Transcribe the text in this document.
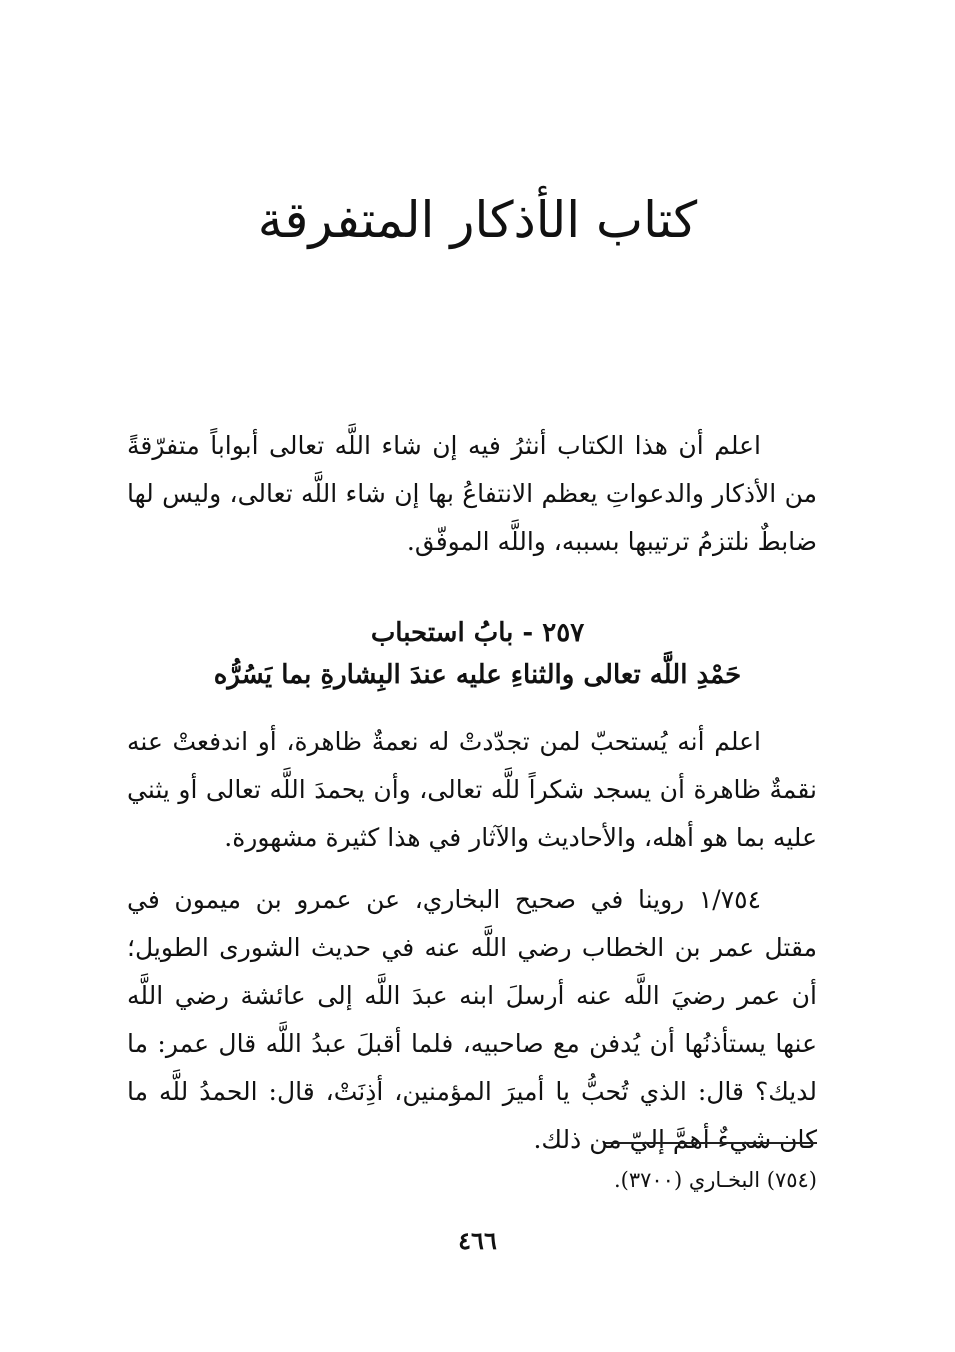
كتاب الأذكار المتفرقة
اعلم أن هذا الكتاب أنثرُ فيه إن شاء اللَّه تعالى أبواباً متفرّقةً من الأذكار والدعواتِ يعظم الانتفاعُ بها إن شاء اللَّه تعالى، وليس لها ضابطٌ نلتزمُ ترتيبها بسببه، واللَّه الموفّق.
٢٥٧ - بابُ استحباب
حَمْدِ اللَّه تعالى والثناءِ عليه عندَ البِشارةِ بما يَسُرُّه
اعلم أنه يُستحبّ لمن تجدّدتْ له نعمةٌ ظاهرة، أو اندفعتْ عنه نقمةٌ ظاهرة أن يسجد شكراً للَّه تعالى، وأن يحمدَ اللَّه تعالى أو يثني عليه بما هو أهله، والأحاديث والآثار في هذا كثيرة مشهورة.
١/٧٥٤ روينا في صحيح البخاري، عن عمرو بن ميمون في مقتل عمر بن الخطاب رضي اللَّه عنه في حديث الشورى الطويل؛ أن عمر رضيَ اللَّه عنه أرسلَ ابنه عبدَ اللَّه إلى عائشة رضي اللَّه عنها يستأذنُها أن يُدفن مع صاحبيه، فلما أقبلَ عبدُ اللَّه قال عمر: ما لديك؟ قال: الذي تُحبُّ يا أميرَ المؤمنين، أذِنَتْ، قال: الحمدُ للَّه ما كان شيءٌ أهمَّ إليّ من ذلك.
(٧٥٤) البخـاري (٣٧٠٠).
٤٦٦
